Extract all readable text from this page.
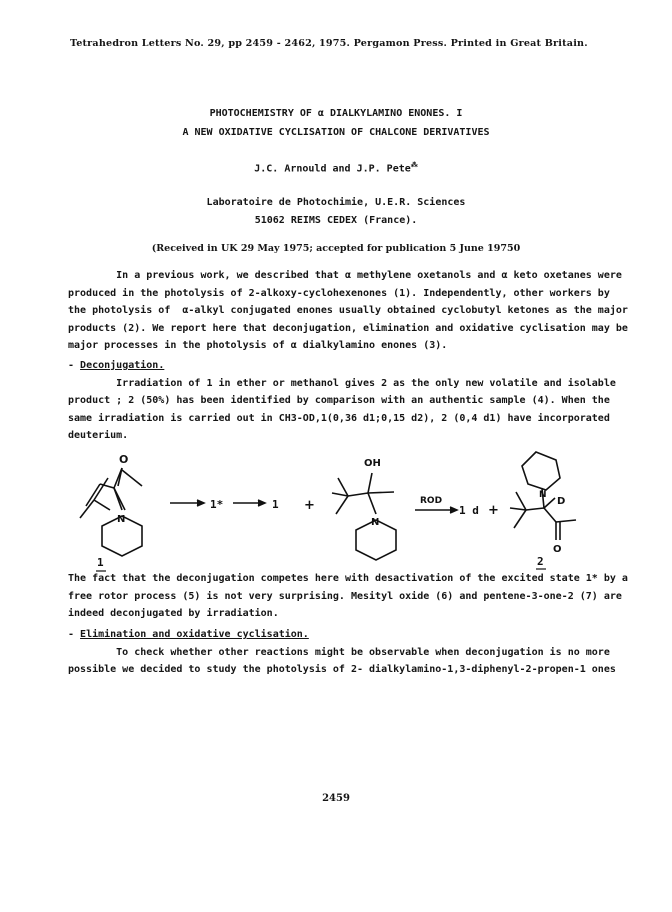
Tetrahedron Letters No. 29, pp 2459 - 2462, 1975. Pergamon Press. Printed in Great Britain.
PHOTOCHEMISTRY OF α DIALKYLAMINO ENONES. I
A NEW OXIDATIVE CYCLISATION OF CHALCONE DERIVATIVES
J.C. Arnould and J.P. Pete⁂
Laboratoire de Photochimie, U.E.R. Sciences
51062 REIMS CEDEX (France).
(Received in UK 29 May 1975; accepted for publication 5 June 19750
In a previous work, we described that α methylene oxetanols and α keto oxetanes were
produced in the photolysis of 2-alkoxy-cyclohexenones (1). Independently, other workers by
the photolysis of  α-alkyl conjugated enones usually obtained cyclobutyl ketones as the major
products (2). We report here that deconjugation, elimination and oxidative cyclisation may be
major processes in the photolysis of α dialkylamino enones (3).
- Deconjugation.
Irradiation of 1 in ether or methanol gives 2 as the only new volatile and isolable
product ; 2 (50%) has been identified by comparison with an authentic sample (4). When the
same irradiation is carried out in CH3-OD,1(0,36 d1;0,15 d2), 2 (0,4 d1) have incorporated
deuterium.
O
N
1
1*	1 +
OH
N
ROD
1 d +
N
D
O
2
The fact that the deconjugation competes here with desactivation of the excited state 1* by a
free rotor process (5) is not very surprising. Mesityl oxide (6) and pentene-3-one-2 (7) are
indeed deconjugated by irradiation.
- Elimination and oxidative cyclisation.
To check whether other reactions might be observable when deconjugation is no more
possible we decided to study the photolysis of 2- dialkylamino-1,3-diphenyl-2-propen-1 ones
2459
